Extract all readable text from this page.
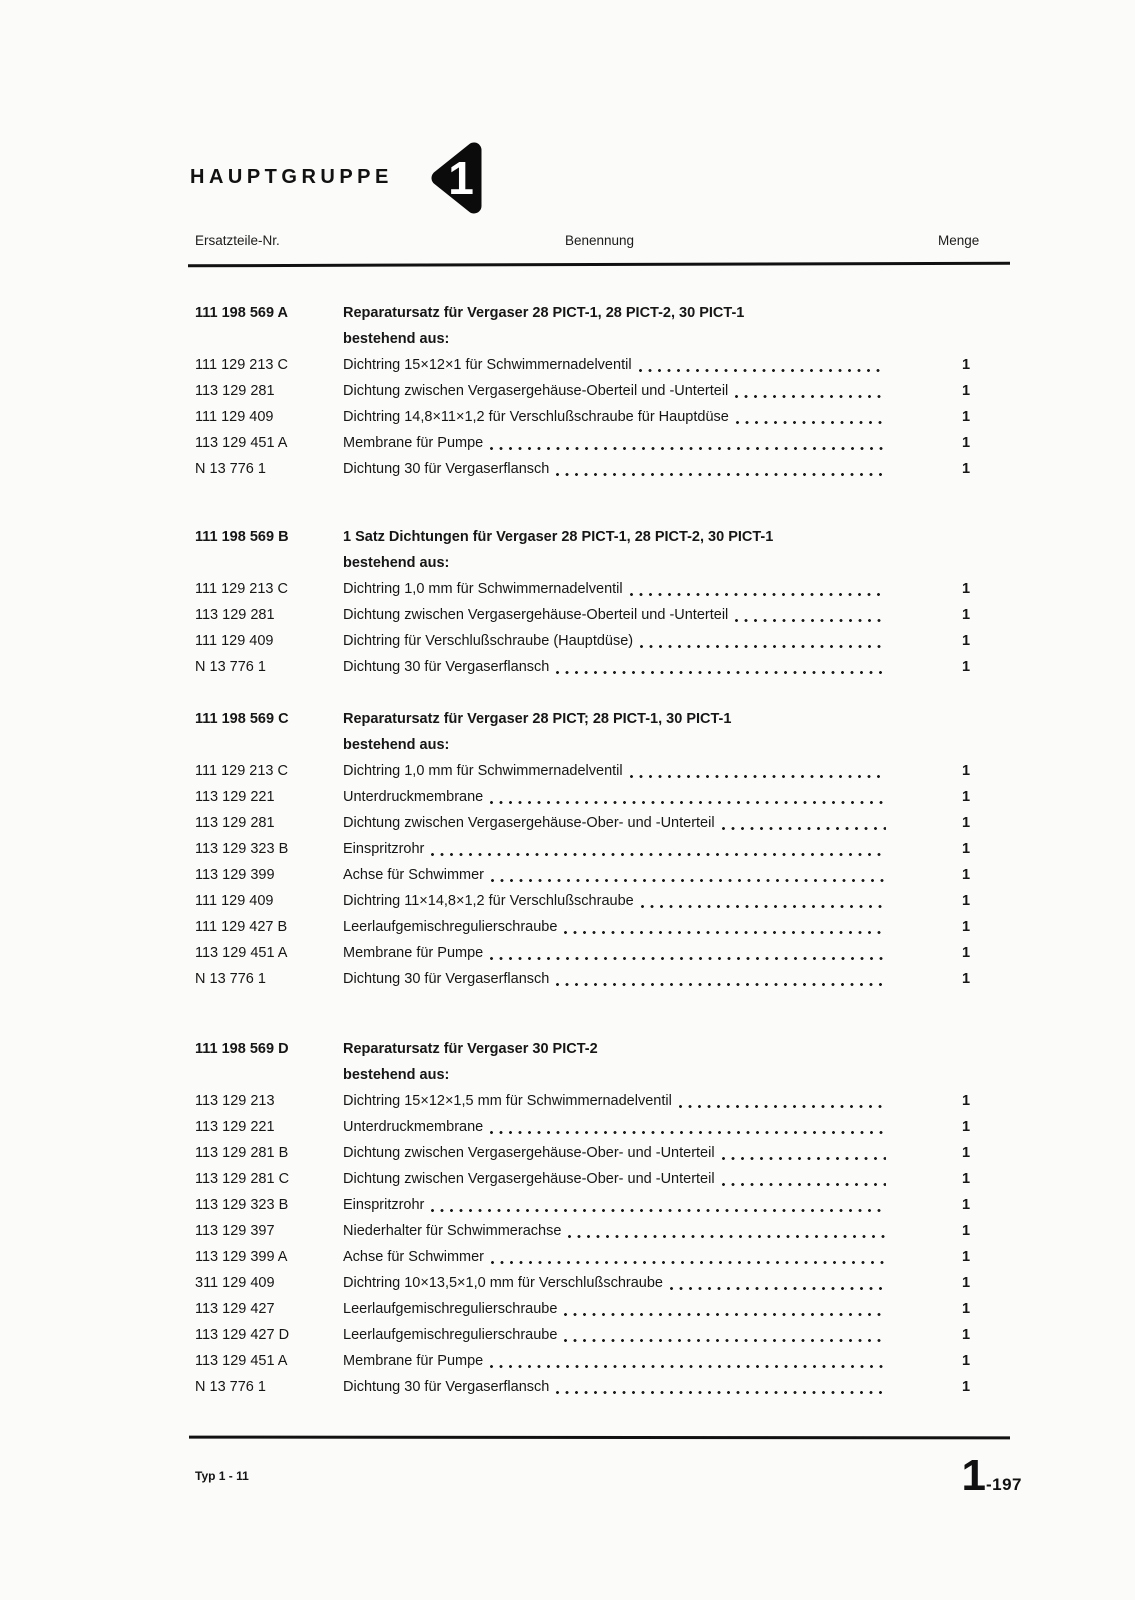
HAUPTGRUPPE 1
Ersatzteile-Nr.	Benennung	Menge
111 198 569 A	Reparatursatz für Vergaser 28 PICT-1, 28 PICT-2, 30 PICT-1
bestehend aus:
111 129 213 C	Dichtring 15×12×1 für Schwimmernadelventil	1
113 129 281	Dichtung zwischen Vergasergehäuse-Oberteil und -Unterteil	1
111 129 409	Dichtring 14,8×11×1,2 für Verschlußschraube für Hauptdüse	1
113 129 451 A	Membrane für Pumpe	1
N 13 776 1	Dichtung 30 für Vergaserflansch	1
111 198 569 B	1 Satz Dichtungen für Vergaser 28 PICT-1, 28 PICT-2, 30 PICT-1
bestehend aus:
111 129 213 C	Dichtring 1,0 mm für Schwimmernadelventil	1
113 129 281	Dichtung zwischen Vergasergehäuse-Oberteil und -Unterteil	1
111 129 409	Dichtring für Verschlußschraube (Hauptdüse)	1
N 13 776 1	Dichtung 30 für Vergaserflansch	1
111 198 569 C	Reparatursatz für Vergaser 28 PICT; 28 PICT-1, 30 PICT-1
bestehend aus:
111 129 213 C	Dichtring 1,0 mm für Schwimmernadelventil	1
113 129 221	Unterdruckmembrane	1
113 129 281	Dichtung zwischen Vergasergehäuse-Ober- und -Unterteil	1
113 129 323 B	Einspritzrohr	1
113 129 399	Achse für Schwimmer	1
111 129 409	Dichtring 11×14,8×1,2 für Verschlußschraube	1
111 129 427 B	Leerlaufgemischregulierschraube	1
113 129 451 A	Membrane für Pumpe	1
N 13 776 1	Dichtung 30 für Vergaserflansch	1
111 198 569 D	Reparatursatz für Vergaser 30 PICT-2
bestehend aus:
113 129 213	Dichtring 15×12×1,5 mm für Schwimmernadelventil	1
113 129 221	Unterdruckmembrane	1
113 129 281 B	Dichtung zwischen Vergasergehäuse-Ober- und -Unterteil	1
113 129 281 C	Dichtung zwischen Vergasergehäuse-Ober- und -Unterteil	1
113 129 323 B	Einspritzrohr	1
113 129 397	Niederhalter für Schwimmerachse	1
113 129 399 A	Achse für Schwimmer	1
311 129 409	Dichtring 10×13,5×1,0 mm für Verschlußschraube	1
113 129 427	Leerlaufgemischregulierschraube	1
113 129 427 D	Leerlaufgemischregulierschraube	1
113 129 451 A	Membrane für Pumpe	1
N 13 776 1	Dichtung 30 für Vergaserflansch	1
Typ 1 - 11	1 -197
